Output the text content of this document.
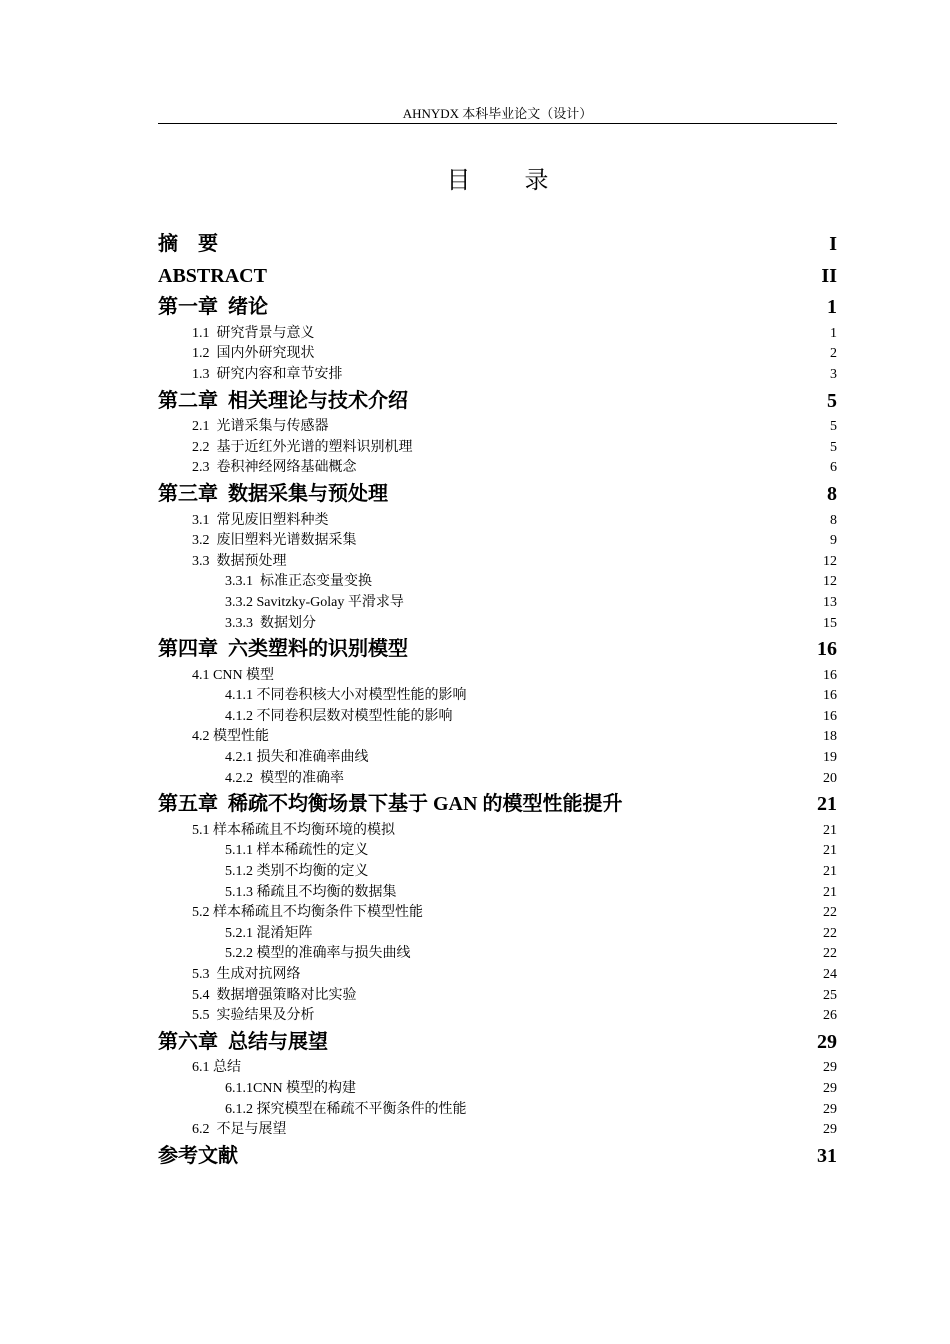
AHNYDX 本科毕业论文（设计）
目 录
摘    要	I
ABSTRACT	II
第一章  绪论	1
1.1  研究背景与意义	1
1.2  国内外研究现状	2
1.3  研究内容和章节安排	3
第二章  相关理论与技术介绍	5
2.1  光谱采集与传感器	5
2.2  基于近红外光谱的塑料识别机理	5
2.3  卷积神经网络基础概念	6
第三章  数据采集与预处理	8
3.1  常见废旧塑料种类	8
3.2  废旧塑料光谱数据采集	9
3.3  数据预处理	12
3.3.1  标准正态变量变换	12
3.3.2 Savitzky-Golay 平滑求导	13
3.3.3  数据划分	15
第四章  六类塑料的识别模型	16
4.1 CNN 模型	16
4.1.1 不同卷积核大小对模型性能的影响	16
4.1.2 不同卷积层数对模型性能的影响	16
4.2 模型性能	18
4.2.1 损失和准确率曲线	19
4.2.2  模型的准确率	20
第五章  稀疏不均衡场景下基于 GAN 的模型性能提升	21
5.1 样本稀疏且不均衡环境的模拟	21
5.1.1 样本稀疏性的定义	21
5.1.2 类别不均衡的定义	21
5.1.3 稀疏且不均衡的数据集	21
5.2 样本稀疏且不均衡条件下模型性能	22
5.2.1 混淆矩阵	22
5.2.2 模型的准确率与损失曲线	22
5.3  生成对抗网络	24
5.4  数据增强策略对比实验	25
5.5  实验结果及分析	26
第六章  总结与展望	29
6.1 总结	29
6.1.1CNN 模型的构建	29
6.1.2 探究模型在稀疏不平衡条件的性能	29
6.2  不足与展望	29
参考文献	31
